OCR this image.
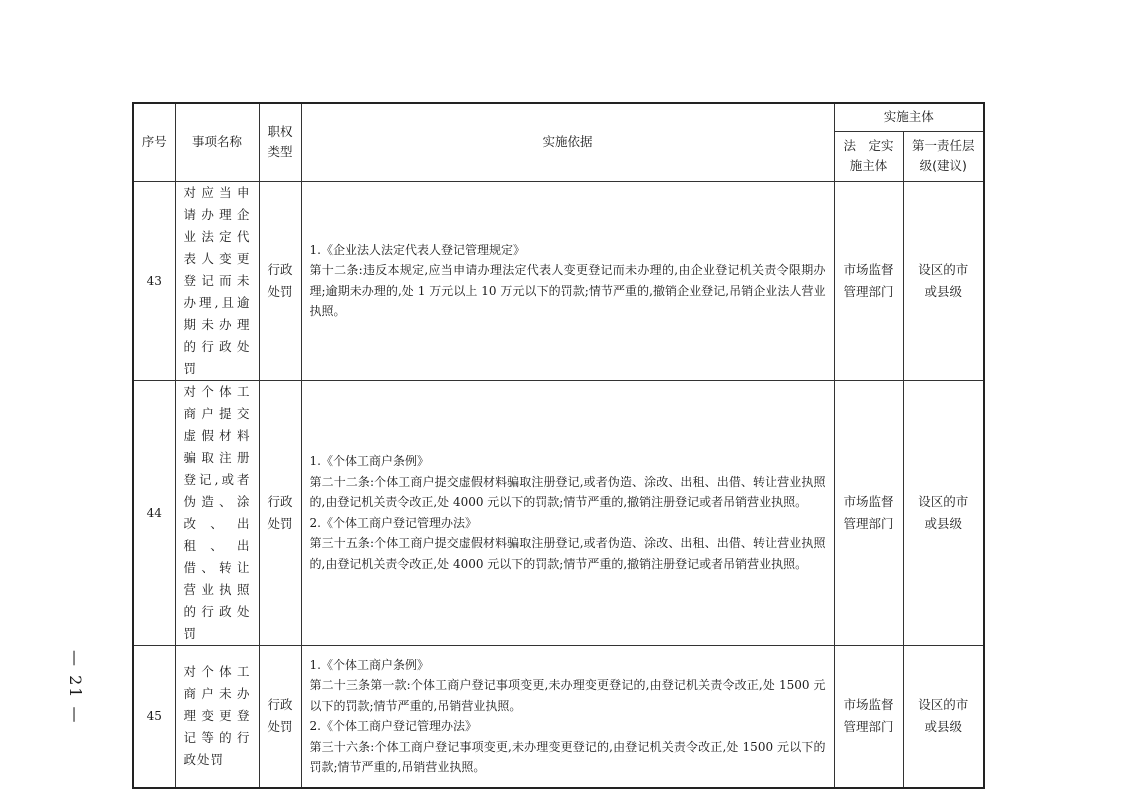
序号	事项名称	职权类型	实施依据	实施主体	
				法　定实施主体	第一责任层级(建议)
43	对应当申请办理企业法定代表人变更登记而未办理,且逾期未办理的行政处罚	行政处罚	1.《企业法人法定代表人登记管理规定》
第十二条:违反本规定,应当申请办理法定代表人变更登记而未办理的,由企业登记机关责令限期办理;逾期未办理的,处 1 万元以上 10 万元以下的罚款;情节严重的,撤销企业登记,吊销企业法人营业执照。	市场监督管理部门	设区的市或县级
44	对个体工商户提交虚假材料骗取注册登记,或者伪造、涂改、出租、出借、转让营业执照的行政处罚	行政处罚	1.《个体工商户条例》
第二十二条:个体工商户提交虚假材料骗取注册登记,或者伪造、涂改、出租、出借、转让营业执照的,由登记机关责令改正,处 4000 元以下的罚款;情节严重的,撤销注册登记或者吊销营业执照。
2.《个体工商户登记管理办法》
第三十五条:个体工商户提交虚假材料骗取注册登记,或者伪造、涂改、出租、出借、转让营业执照的,由登记机关责令改正,处 4000 元以下的罚款;情节严重的,撤销注册登记或者吊销营业执照。	市场监督管理部门	设区的市或县级
45	对个体工商户未办理变更登记等的行政处罚	行政处罚	1.《个体工商户条例》
第二十三条第一款:个体工商户登记事项变更,未办理变更登记的,由登记机关责令改正,处 1500 元以下的罚款;情节严重的,吊销营业执照。
2.《个体工商户登记管理办法》
第三十六条:个体工商户登记事项变更,未办理变更登记的,由登记机关责令改正,处 1500 元以下的罚款;情节严重的,吊销营业执照。	市场监督管理部门	设区的市或县级
— 21 —
